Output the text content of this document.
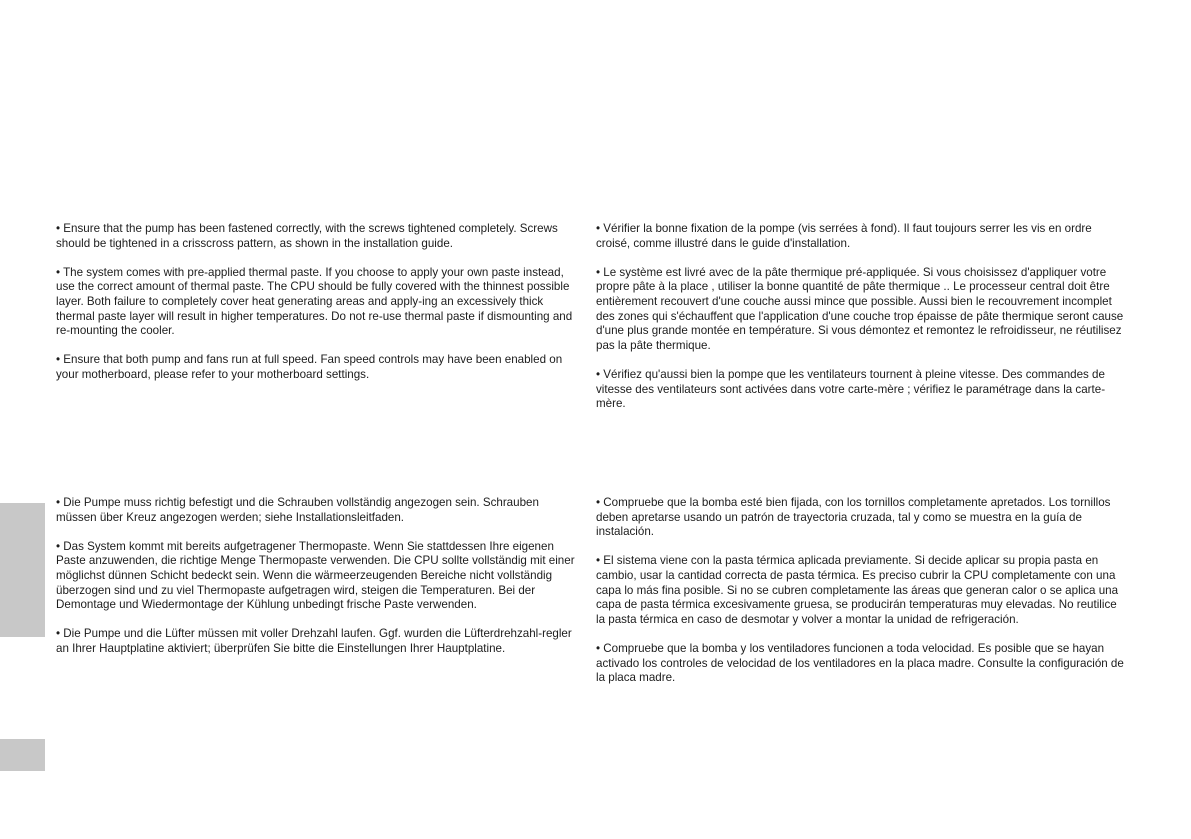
• Ensure that the pump has been fastened correctly, with the screws tightened completely. Screws should be tightened in a crisscross pattern, as shown in the installation guide.

• The system comes with pre-applied thermal paste. If you choose to apply your own paste instead, use the correct amount of thermal paste. The CPU should be fully covered with the thinnest possible layer. Both failure to completely cover heat generating areas and apply-ing an excessively thick thermal paste layer will result in higher temperatures. Do not re-use thermal paste if dismounting and re-mounting the cooler.

• Ensure that both pump and fans run at full speed. Fan speed controls may have been enabled on your motherboard, please refer to your motherboard settings.

• Vérifier la bonne fixation de la pompe (vis serrées à fond). Il faut toujours serrer les vis en ordre croisé, comme illustré dans le guide d'installation.

• Le système est livré avec de la pâte thermique pré-appliquée. Si vous choisissez d'appliquer votre propre pâte à la place , utiliser la bonne quantité de pâte thermique .. Le processeur central doit être entièrement recouvert d'une couche aussi mince que possible. Aussi bien le recouvrement incomplet des zones qui s'échauffent que l'application d'une couche trop épaisse de pâte thermique seront cause d'une plus grande montée en température. Si vous démontez et remontez le refroidisseur, ne réutilisez pas la pâte thermique.

• Vérifiez qu'aussi bien la pompe que les ventilateurs tournent à pleine vitesse. Des commandes de vitesse des ventilateurs sont activées dans votre carte-mère ; vérifiez le paramétrage dans la carte-mère.

• Die Pumpe muss richtig befestigt und die Schrauben vollständig angezogen sein. Schrauben müssen über Kreuz angezogen werden; siehe Installationsleitfaden.

• Das System kommt mit bereits aufgetragener Thermopaste. Wenn Sie stattdessen Ihre eigenen Paste anzuwenden, die richtige Menge Thermopaste verwenden. Die CPU sollte vollständig mit einer möglichst dünnen Schicht bedeckt sein. Wenn die wärmeerzeugenden Bereiche nicht vollständig überzogen sind und zu viel Thermopaste aufgetragen wird, steigen die Temperaturen. Bei der Demontage und Wiedermontage der Kühlung unbedingt frische Paste verwenden.

• Die Pumpe und die Lüfter müssen mit voller Drehzahl laufen. Ggf. wurden die Lüfterdrehzahl-regler an Ihrer Hauptplatine aktiviert; überprüfen Sie bitte die Einstellungen Ihrer Hauptplatine.

• Compruebe que la bomba esté bien fijada, con los tornillos completamente apretados. Los tornillos deben apretarse usando un patrón de trayectoria cruzada, tal y como se muestra en la guía de instalación.

• El sistema viene con la pasta térmica aplicada previamente. Si decide aplicar su propia pasta en cambio, usar la cantidad correcta de pasta térmica. Es preciso cubrir la CPU completamente con una capa lo más fina posible. Si no se cubren completamente las áreas que generan calor o se aplica una capa de pasta térmica excesivamente gruesa, se producirán temperaturas muy elevadas. No reutilice la pasta térmica en caso de desmotar y volver a montar la unidad de refrigeración.

• Compruebe que la bomba y los ventiladores funcionen a toda velocidad. Es posible que se hayan activado los controles de velocidad de los ventiladores en la placa madre. Consulte la configuración de la placa madre.
